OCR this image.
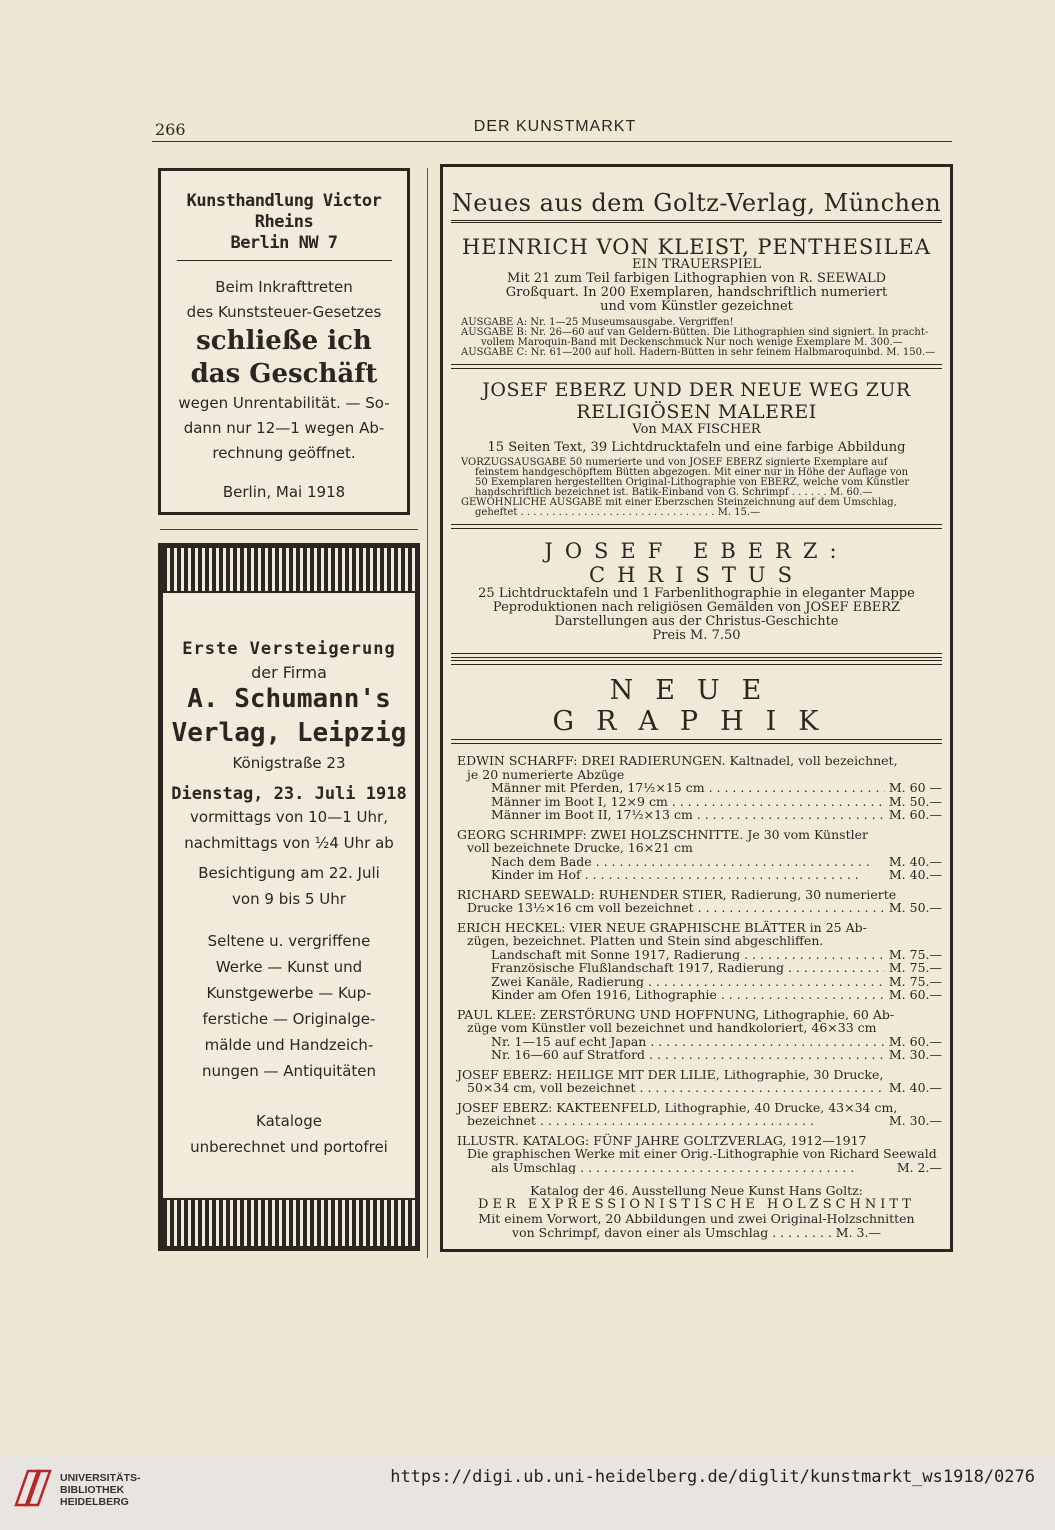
266	DER KUNSTMARKT
Kunsthandlung Victor Rheins
Berlin NW 7
Beim Inkrafttreten
des Kunststeuer-Gesetzes
schließe ich
das Geschäft
wegen Unrentabilität. — So-
dann nur 12—1 wegen Ab-
rechnung geöffnet.
Berlin, Mai 1918
Erste Versteigerung
der Firma
A. Schumann's
Verlag, Leipzig
Königstraße 23
Dienstag, 23. Juli 1918
vormittags von 10—1 Uhr,
nachmittags von ½4 Uhr ab
Besichtigung am 22. Juli
von 9 bis 5 Uhr
Seltene u. vergriffene
Werke — Kunst und
Kunstgewerbe — Kup-
ferstiche — Originalge-
mälde und Handzeich-
nungen — Antiquitäten
Kataloge
unberechnet und portofrei
Neues aus dem Goltz-Verlag, München
HEINRICH VON KLEIST, PENTHESILEA
EIN TRAUERSPIEL
Mit 21 zum Teil farbigen Lithographien von R. SEEWALD
Großquart. In 200 Exemplaren, handschriftlich numeriert
und vom Künstler gezeichnet
AUSGABE A: Nr. 1—25 Museumsausgabe. Vergriffen!
AUSGABE B: Nr. 26—60 auf van Geldern-Bütten. Die Lithographien sind signiert. In pracht-
vollem Maroquin-Band mit Deckenschmuck Nur noch wenige Exemplare M. 300.—
AUSGABE C: Nr. 61—200 auf holl. Hadern-Bütten in sehr feinem Halbmaroquinbd. M. 150.—
JOSEF EBERZ UND DER NEUE WEG ZUR
RELIGIÖSEN MALEREI
Von MAX FISCHER
15 Seiten Text, 39 Lichtdrucktafeln und eine farbige Abbildung
VORZUGSAUSGABE 50 numerierte und von JOSEF EBERZ signierte Exemplare auf
feinstem handgeschöpftem Bütten abgezogen. Mit einer nur in Höhe der Auflage von
50 Exemplaren hergestellten Original-Lithographie von EBERZ, welche vom Künstler
handschriftlich bezeichnet ist. Batik-Einband von G. Schrimpf . . . . . . M. 60.—
GEWÖHNLICHE AUSGABE mit einer Eberzschen Steinzeichnung auf dem Umschlag,
geheftet . . . . . . . . . . . . . . . . . . . . . . . . . . . . . . . M. 15.—
JOSEF EBERZ: CHRISTUS
25 Lichtdrucktafeln und 1 Farbenlithographie in eleganter Mappe
Peproduktionen nach religiösen Gemälden von JOSEF EBERZ
Darstellungen aus der Christus-Geschichte
Preis M. 7.50
NEUE GRAPHIK
EDWIN SCHARFF: DREI RADIERUNGEN. Kaltnadel, voll bezeichnet,
je 20 numerierte Abzüge
Männer mit Pferden, 17½×15 cm . . .	M. 60 —
Männer im Boot I, 12×9 cm . . .	M. 50.—
Männer im Boot II, 17½×13 cm . . .	M. 60.—
GEORG SCHRIMPF: ZWEI HOLZSCHNITTE. Je 30 vom Künstler
voll bezeichnete Drucke, 16×21 cm
Nach dem Bade . . .	M. 40.—
Kinder im Hof . . .	M. 40.—
RICHARD SEEWALD: RUHENDER STIER, Radierung, 30 numerierte
Drucke 13½×16 cm voll bezeichnet . . .	M. 50.—
ERICH HECKEL: VIER NEUE GRAPHISCHE BLÄTTER in 25 Ab-
zügen, bezeichnet. Platten und Stein sind abgeschliffen.
Landschaft mit Sonne 1917, Radierung . . .	M. 75.—
Französische Flußlandschaft 1917, Radierung . . .	M. 75.—
Zwei Kanäle, Radierung . . .	M. 75.—
Kinder am Ofen 1916, Lithographie . . .	M. 60.—
PAUL KLEE: ZERSTÖRUNG UND HOFFNUNG, Lithographie, 60 Ab-
züge vom Künstler voll bezeichnet und handkoloriert, 46×33 cm
Nr. 1—15 auf echt Japan . . .	M. 60.—
Nr. 16—60 auf Stratford . . .	M. 30.—
JOSEF EBERZ: HEILIGE MIT DER LILIE, Lithographie, 30 Drucke,
50×34 cm, voll bezeichnet . . .	M. 40.—
JOSEF EBERZ: KAKTEENFELD, Lithographie, 40 Drucke, 43×34 cm,
bezeichnet . . .	M. 30.—
ILLUSTR. KATALOG: FÜNF JAHRE GOLTZVERLAG, 1912—1917
Die graphischen Werke mit einer Orig.-Lithographie von Richard Seewald
als Umschlag . . .	M. 2.—
Katalog der 46. Ausstellung Neue Kunst Hans Goltz:
DER EXPRESSIONISTISCHE HOLZSCHNITT
Mit einem Vorwort, 20 Abbildungen und zwei Original-Holzschnitten
von Schrimpf, davon einer als Umschlag . . . . . . . . M. 3.—
UNIVERSITÄTS-
BIBLIOTHEK
HEIDELBERG
https://digi.ub.uni-heidelberg.de/diglit/kunstmarkt_ws1918/0276
